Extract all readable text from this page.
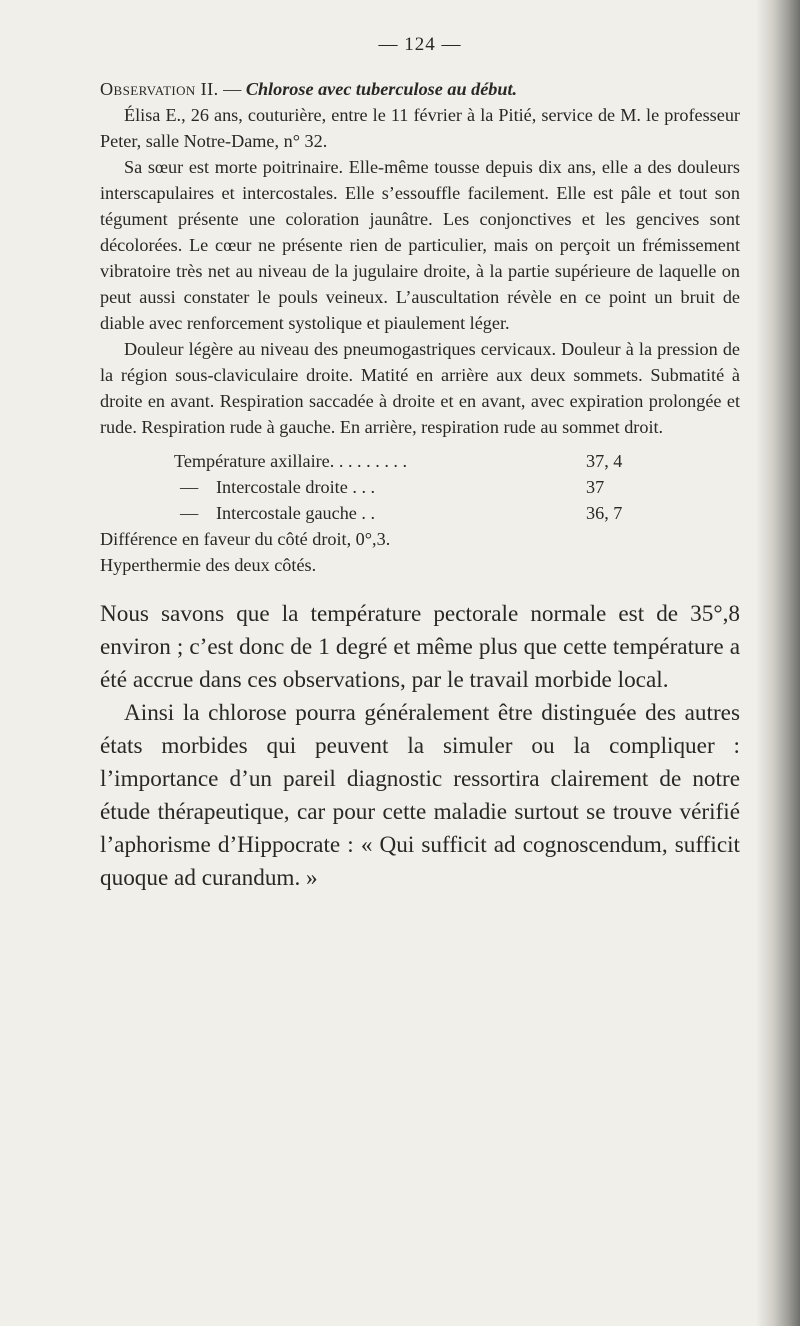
— 124 —

Observation II. — Chlorose avec tuberculose au début.

Élisa E., 26 ans, couturière, entre le 11 février à la Pitié, service de M. le professeur Peter, salle Notre-Dame, n° 32.

Sa sœur est morte poitrinaire. Elle-même tousse depuis dix ans, elle a des douleurs interscapulaires et intercostales. Elle s’essouffle facilement. Elle est pâle et tout son tégument présente une coloration jaunâtre. Les conjonctives et les gencives sont décolorées. Le cœur ne présente rien de particulier, mais on perçoit un frémissement vibratoire très net au niveau de la jugulaire droite, à la partie supérieure de laquelle on peut aussi constater le pouls veineux. L’auscultation révèle en ce point un bruit de diable avec renforcement systolique et piaulement léger.

Douleur légère au niveau des pneumogastriques cervicaux. Douleur à la pression de la région sous-claviculaire droite. Matité en arrière aux deux sommets. Submatité à droite en avant. Respiration saccadée à droite et en avant, avec expiration prolongée et rude. Respiration rude à gauche. En arrière, respiration rude au sommet droit.

Température axillaire. . . . . . . . .	37, 4
— Intercostale droite . . .	37
— Intercostale gauche . .	36, 7

Différence en faveur du côté droit, 0°,3.

Hyperthermie des deux côtés.

Nous savons que la température pectorale normale est de 35°,8 environ ; c’est donc de 1 degré et même plus que cette température a été accrue dans ces observations, par le travail morbide local.

Ainsi la chlorose pourra généralement être distinguée des autres états morbides qui peuvent la simuler ou la compliquer : l’importance d’un pareil diagnostic ressortira clairement de notre étude thérapeutique, car pour cette maladie surtout se trouve vérifié l’aphorisme d’Hippocrate : « Qui sufficit ad cognoscendum, sufficit quoque ad curandum. »
